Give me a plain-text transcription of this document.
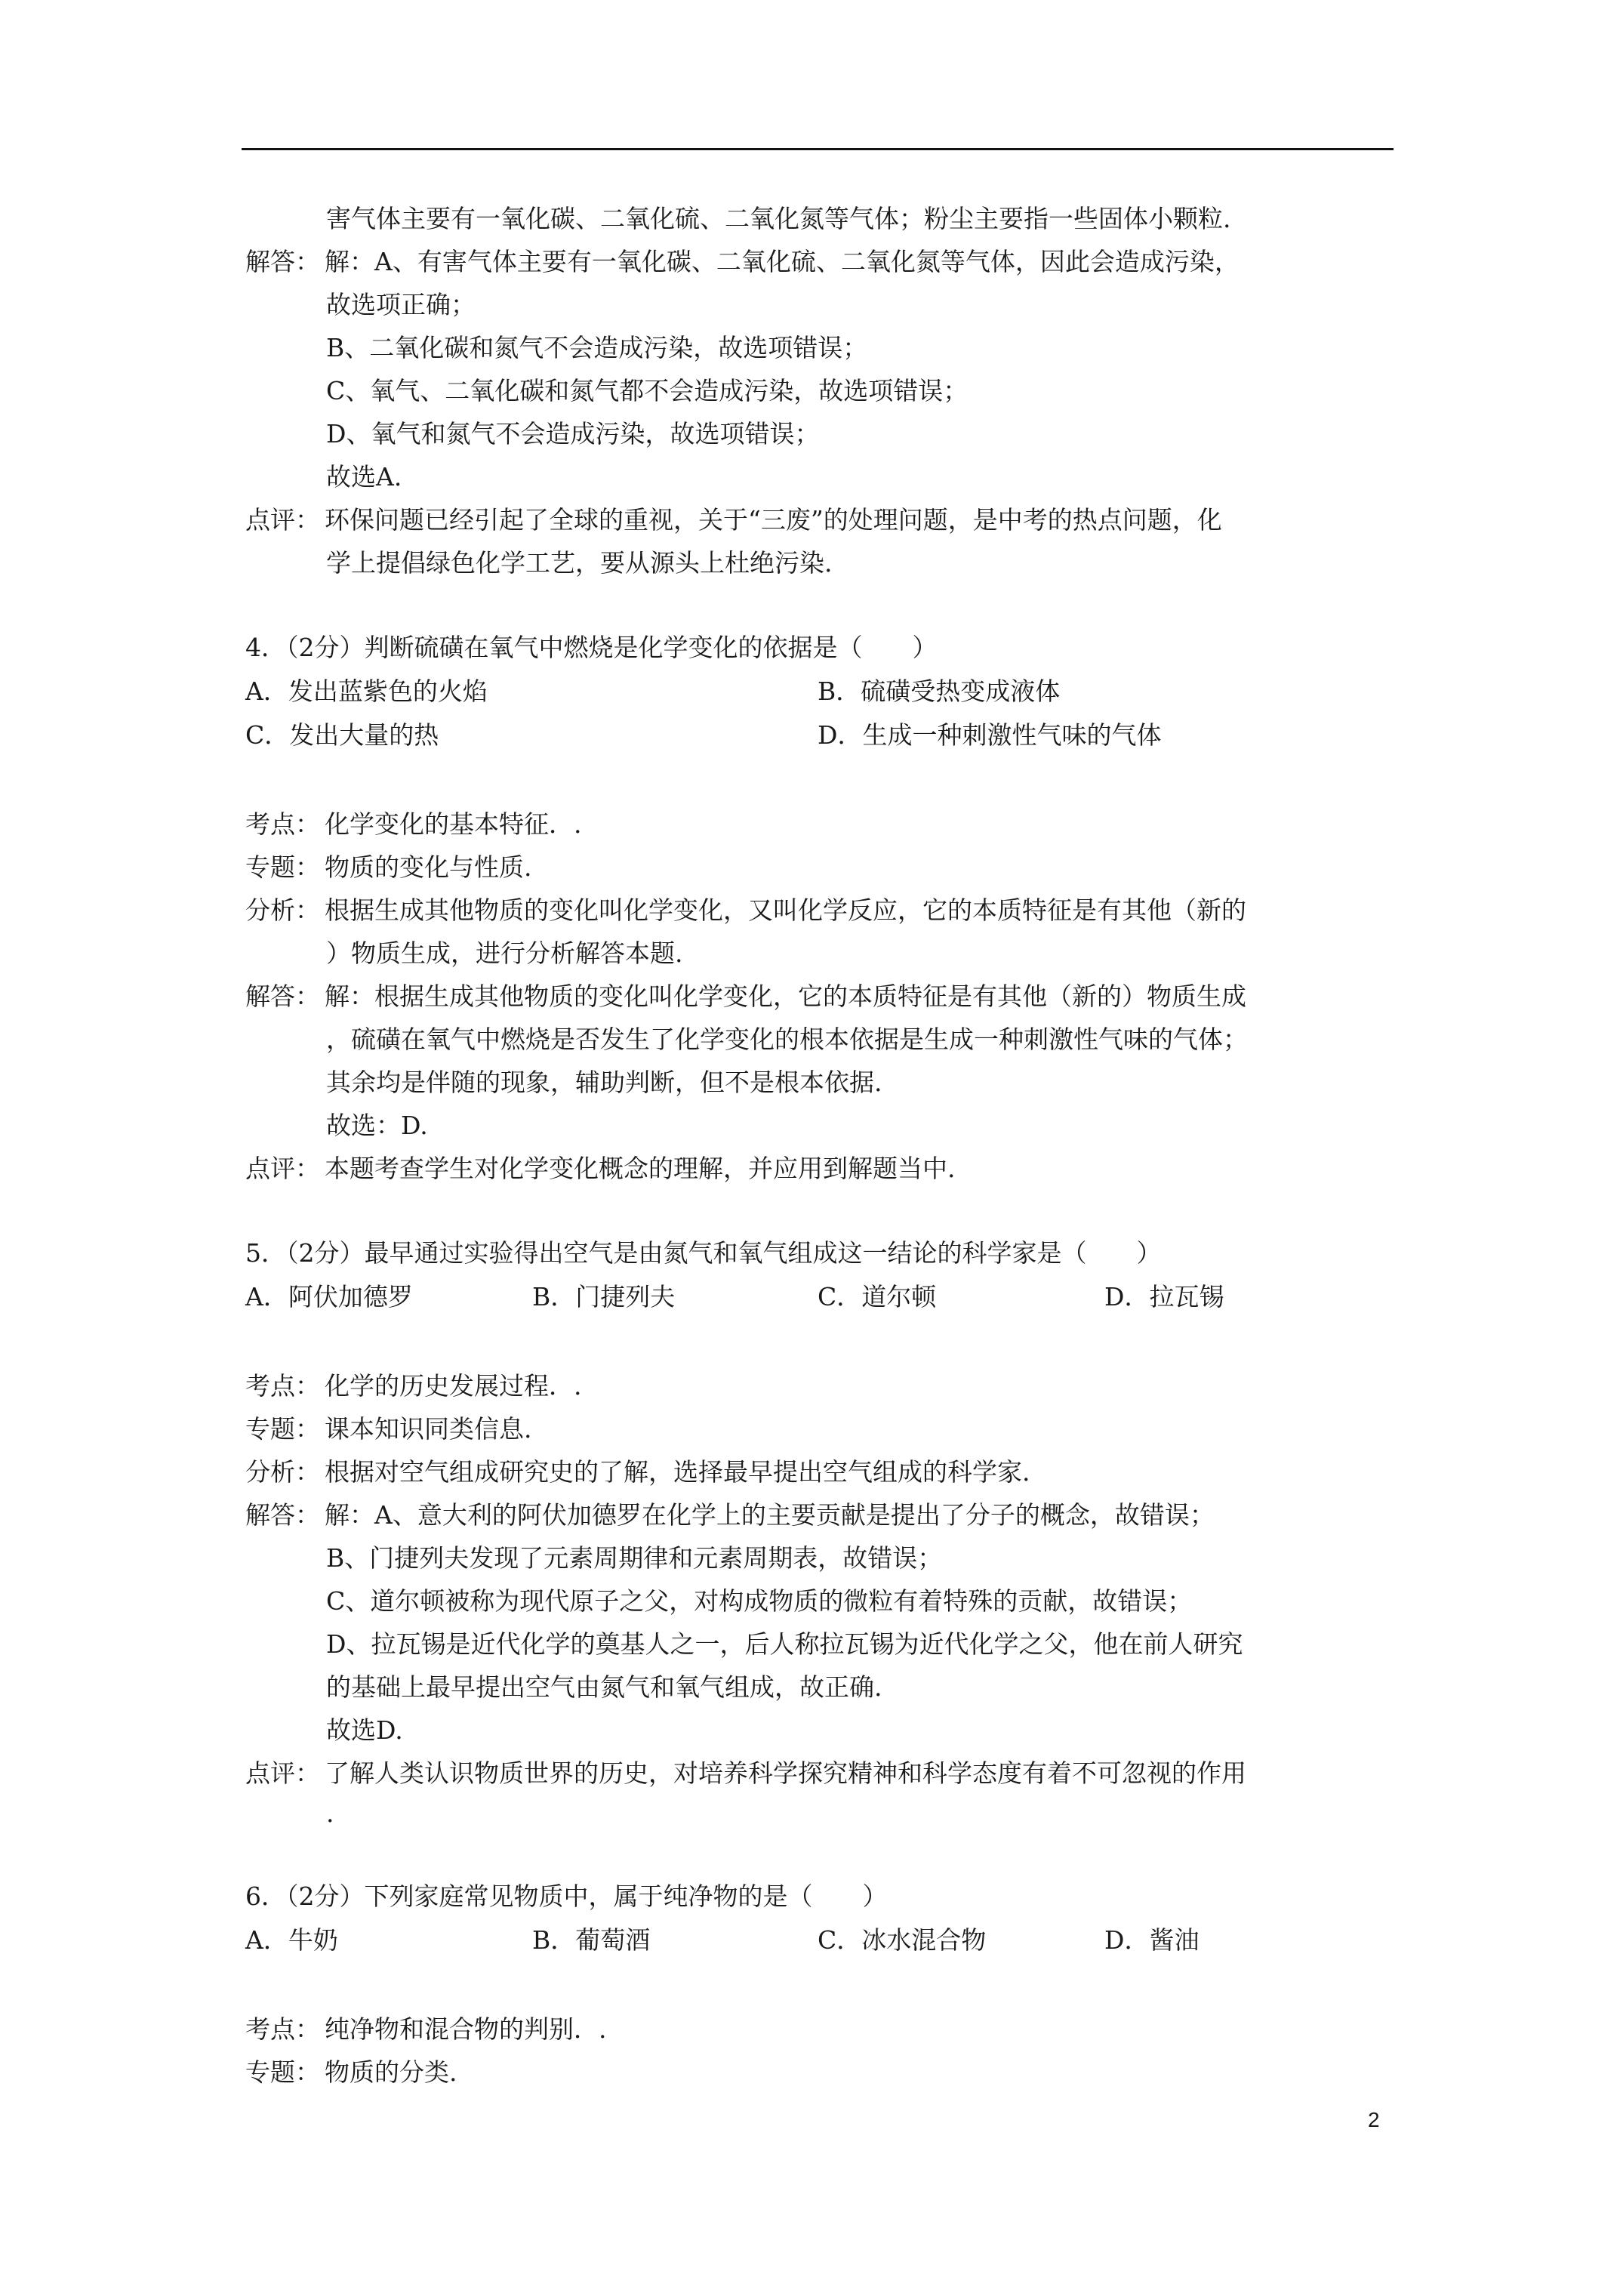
害气体主要有一氧化碳、二氧化硫、二氧化氮等气体；粉尘主要指一些固体小颗粒.
解答： 解：A、有害气体主要有一氧化碳、二氧化硫、二氧化氮等气体，因此会造成污染，
故选项正确；
B、二氧化碳和氮气不会造成污染，故选项错误；
C、氧气、二氧化碳和氮气都不会造成污染，故选项错误；
D、氧气和氮气不会造成污染，故选项错误；
故选A.
点评： 环保问题已经引起了全球的重视，关于“三废”的处理问题，是中考的热点问题，化
学上提倡绿色化学工艺，要从源头上杜绝污染.
4．（2分）判断硫磺在氧气中燃烧是化学变化的依据是（　　）
A．发出蓝紫色的火焰	B．硫磺受热变成液体
C．发出大量的热	D．生成一种刺激性气味的气体
考点： 化学变化的基本特征．.
专题： 物质的变化与性质.
分析： 根据生成其他物质的变化叫化学变化，又叫化学反应，它的本质特征是有其他（新的
）物质生成，进行分析解答本题.
解答： 解：根据生成其他物质的变化叫化学变化，它的本质特征是有其他（新的）物质生成
，硫磺在氧气中燃烧是否发生了化学变化的根本依据是生成一种刺激性气味的气体；
其余均是伴随的现象，辅助判断，但不是根本依据.
故选：D.
点评： 本题考查学生对化学变化概念的理解，并应用到解题当中.
5．（2分）最早通过实验得出空气是由氮气和氧气组成这一结论的科学家是（　　）
A．阿伏加德罗	B．门捷列夫	C．道尔顿	D．拉瓦锡
考点： 化学的历史发展过程．.
专题： 课本知识同类信息.
分析： 根据对空气组成研究史的了解，选择最早提出空气组成的科学家.
解答： 解：A、意大利的阿伏加德罗在化学上的主要贡献是提出了分子的概念，故错误；
B、门捷列夫发现了元素周期律和元素周期表，故错误；
C、道尔顿被称为现代原子之父，对构成物质的微粒有着特殊的贡献，故错误；
D、拉瓦锡是近代化学的奠基人之一，后人称拉瓦锡为近代化学之父，他在前人研究
的基础上最早提出空气由氮气和氧气组成，故正确.
故选D.
点评： 了解人类认识物质世界的历史，对培养科学探究精神和科学态度有着不可忽视的作用
.
6．（2分）下列家庭常见物质中，属于纯净物的是（　　）
A．牛奶	B．葡萄酒	C．冰水混合物	D．酱油
考点： 纯净物和混合物的判别．.
专题： 物质的分类.
2
